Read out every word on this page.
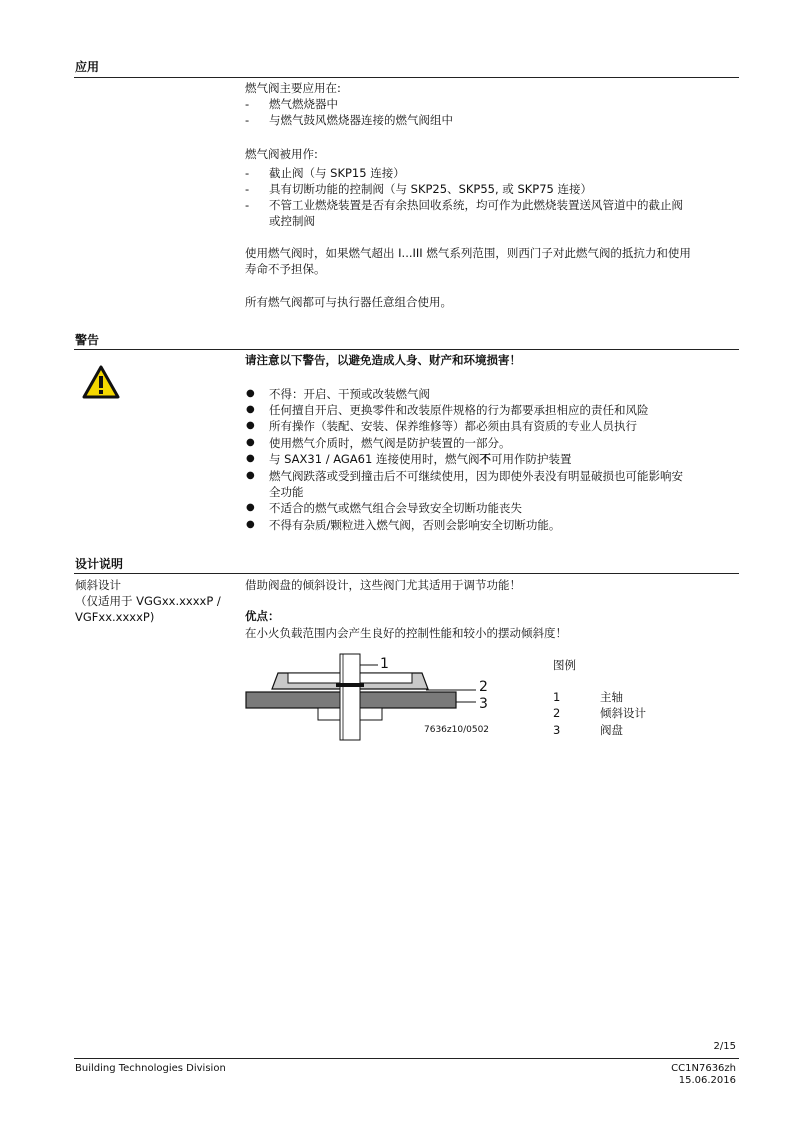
应用
燃气阀主要应用在:
-	燃气燃烧器中
-	与燃气鼓风燃烧器连接的燃气阀组中
燃气阀被用作:
-	截止阀（与 SKP15 连接）
-	具有切断功能的控制阀（与 SKP25、SKP55, 或 SKP75 连接）
-	不管工业燃烧装置是否有余热回收系统，均可作为此燃烧装置送风管道中的截止阀
或控制阀
使用燃气阀时，如果燃气超出 I...III 燃气系列范围，则西门子对此燃气阀的抵抗力和使用
寿命不予担保。
所有燃气阀都可与执行器任意组合使用。
警告
请注意以下警告，以避免造成人身、财产和环境损害！
● 不得：开启、干预或改装燃气阀
● 任何擅自开启、更换零件和改装原件规格的行为都要承担相应的责任和风险
● 所有操作（装配、安装、保养维修等）都必须由具有资质的专业人员执行
● 使用燃气介质时，燃气阀是防护装置的一部分。
● 与 SAX31 / AGA61 连接使用时，燃气阀不可用作防护装置
● 燃气阀跌落或受到撞击后不可继续使用，因为即使外表没有明显破损也可能影响安
全功能
● 不适合的燃气或燃气组合会导致安全切断功能丧失
● 不得有杂质/颗粒进入燃气阀，否则会影响安全切断功能。
设计说明
倾斜设计
（仅适用于 VGGxx.xxxxP /
VGFxx.xxxxP)
借助阀盘的倾斜设计，这些阀门尤其适用于调节功能！
优点：
在小火负载范围内会产生良好的控制性能和较小的摆动倾斜度！
1
2
3
7636z10/0502
图例
1	主轴
2	倾斜设计
3	阀盘
2/15
Building Technologies Division	CC1N7636zh
15.06.2016
